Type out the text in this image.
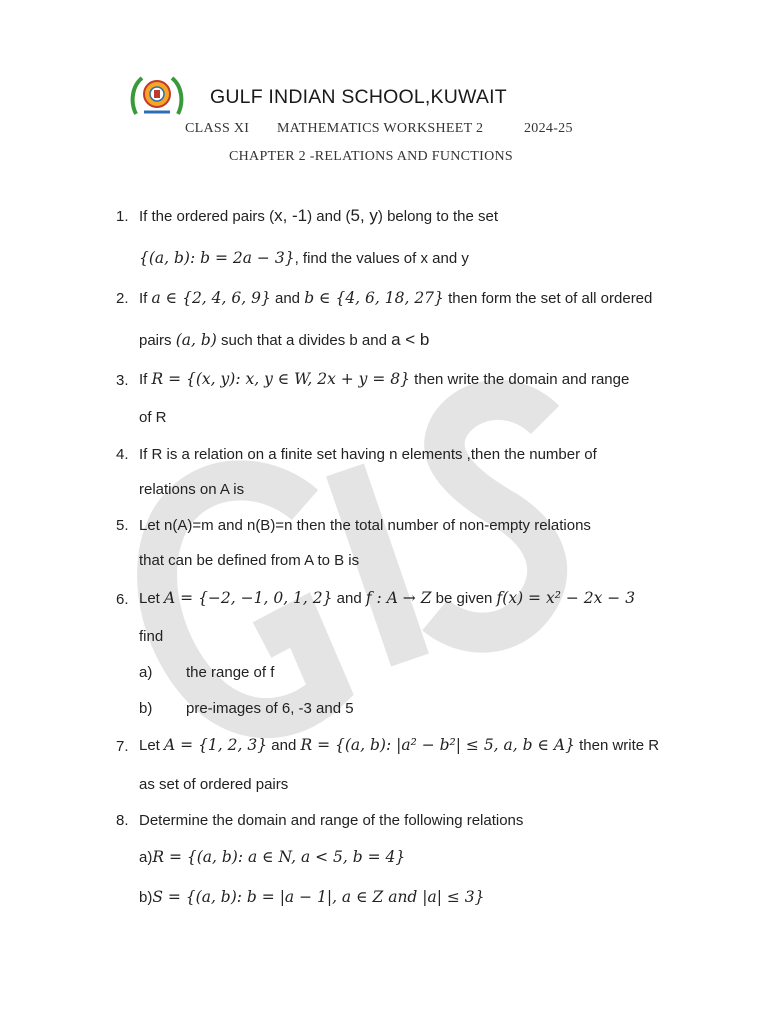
GULF INDIAN SCHOOL,KUWAIT
CLASS XI MATHEMATICS WORKSHEET 2	2024-25
CHAPTER 2 -RELATIONS AND FUNCTIONS
1. If the ordered pairs (x, -1) and (5, y) belong to the set
{(a, b): b = 2a − 3}, find the values of x and y
2. If a ∈ {2, 4, 6, 9} and b ∈ {4, 6, 18, 27} then form the set of all ordered
pairs (a, b) such that a divides b and a < b
3. If R = {(x, y): x, y ∈ W, 2x + y = 8} then write the domain and range
of R
4. If R is a relation on a finite set having n elements ,then the number of
relations on A is
5. Let n(A)=m and n(B)=n then the total number of non-empty relations
that can be defined from A to B is
6. Let A = {−2, −1, 0, 1, 2} and f : A → Z be given f(x) = x² − 2x − 3
find
a) the range of f
b) pre-images of 6, -3 and 5
7. Let A = {1, 2, 3} and R = {(a, b): |a² − b²| ≤ 5, a, b ∈ A} then write R
as set of ordered pairs
8. Determine the domain and range of the following relations
a)R = {(a, b): a ∈ N, a < 5, b = 4}
b)S = {(a, b): b = |a − 1|, a ∈ Z and |a| ≤ 3}
